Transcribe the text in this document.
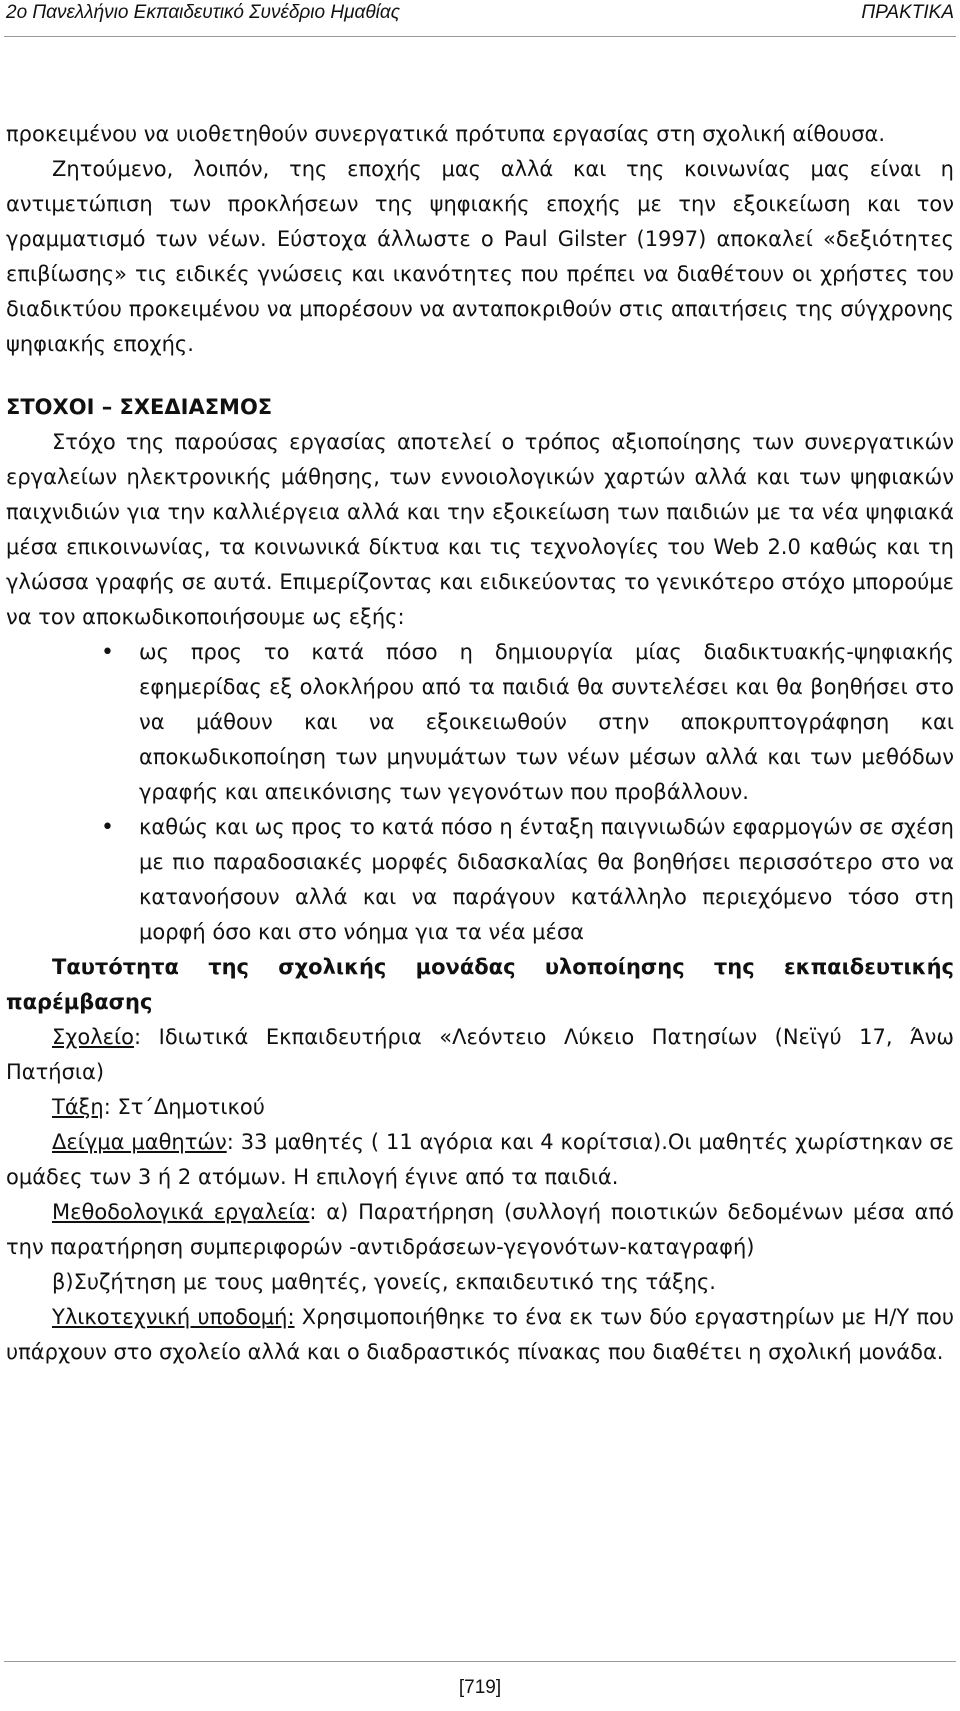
2ο Πανελλήνιο Εκπαιδευτικό Συνέδριο Ημαθίας	ΠΡΑΚΤΙΚΑ

προκειμένου να υιοθετηθούν συνεργατικά πρότυπα εργασίας στη σχολική αίθουσα.

Ζητούμενο, λοιπόν, της εποχής μας αλλά και της κοινωνίας μας είναι η αντιμετώπιση των προκλήσεων της ψηφιακής εποχής με την εξοικείωση και τον γραμματισμό των νέων. Εύστοχα άλλωστε ο Paul Gilster (1997) αποκαλεί «δεξιότητες επιβίωσης» τις ειδικές γνώσεις και ικανότητες που πρέπει να διαθέτουν οι χρήστες του διαδικτύου προκειμένου να μπορέσουν να ανταποκριθούν στις απαιτήσεις της σύγχρονης ψηφιακής εποχής.

ΣΤΟΧΟΙ – ΣΧΕΔΙΑΣΜΟΣ

Στόχο της παρούσας εργασίας αποτελεί ο τρόπος αξιοποίησης των συνεργατικών εργαλείων ηλεκτρονικής μάθησης, των εννοιολογικών χαρτών αλλά και των ψηφιακών παιχνιδιών για την καλλιέργεια αλλά και την εξοικείωση των παιδιών με τα νέα ψηφιακά μέσα επικοινωνίας, τα κοινωνικά δίκτυα και τις τεχνολογίες του Web 2.0 καθώς και τη γλώσσα γραφής σε αυτά. Επιμερίζοντας και ειδικεύοντας το γενικότερο στόχο μπορούμε να τον αποκωδικοποιήσουμε ως εξής:

• ως προς το κατά πόσο η δημιουργία μίας διαδικτυακής-ψηφιακής εφημερίδας εξ ολοκλήρου από τα παιδιά θα συντελέσει και θα βοηθήσει στο να μάθουν και να εξοικειωθούν στην αποκρυπτογράφηση και αποκωδικοποίηση των μηνυμάτων των νέων μέσων αλλά και των μεθόδων γραφής και απεικόνισης των γεγονότων που προβάλλουν.
• καθώς και ως προς το κατά πόσο η ένταξη παιγνιωδών εφαρμογών σε σχέση με πιο παραδοσιακές μορφές διδασκαλίας θα βοηθήσει περισσότερο στο να κατανοήσουν αλλά και να παράγουν κατάλληλο περιεχόμενο τόσο στη μορφή όσο και στο νόημα για τα νέα μέσα

Ταυτότητα της σχολικής μονάδας υλοποίησης της εκπαιδευτικής παρέμβασης

Σχολείο: Ιδιωτικά Εκπαιδευτήρια «Λεόντειο Λύκειο Πατησίων (Νεϊγύ 17, Άνω Πατήσια)

Τάξη: Στ΄Δημοτικού

Δείγμα μαθητών: 33 μαθητές ( 11 αγόρια και 4 κορίτσια).Οι μαθητές χωρίστηκαν σε ομάδες των 3 ή 2 ατόμων. Η επιλογή έγινε από τα παιδιά.

Μεθοδολογικά εργαλεία: α) Παρατήρηση (συλλογή ποιοτικών δεδομένων μέσα από την παρατήρηση συμπεριφορών -αντιδράσεων-γεγονότων-καταγραφή)

β)Συζήτηση με τους μαθητές, γονείς, εκπαιδευτικό της τάξης.

Υλικοτεχνική υποδομή: Χρησιμοποιήθηκε το ένα εκ των δύο εργαστηρίων με Η/Υ που υπάρχουν στο σχολείο αλλά και ο διαδραστικός πίνακας που διαθέτει η σχολική μονάδα.

[719]
